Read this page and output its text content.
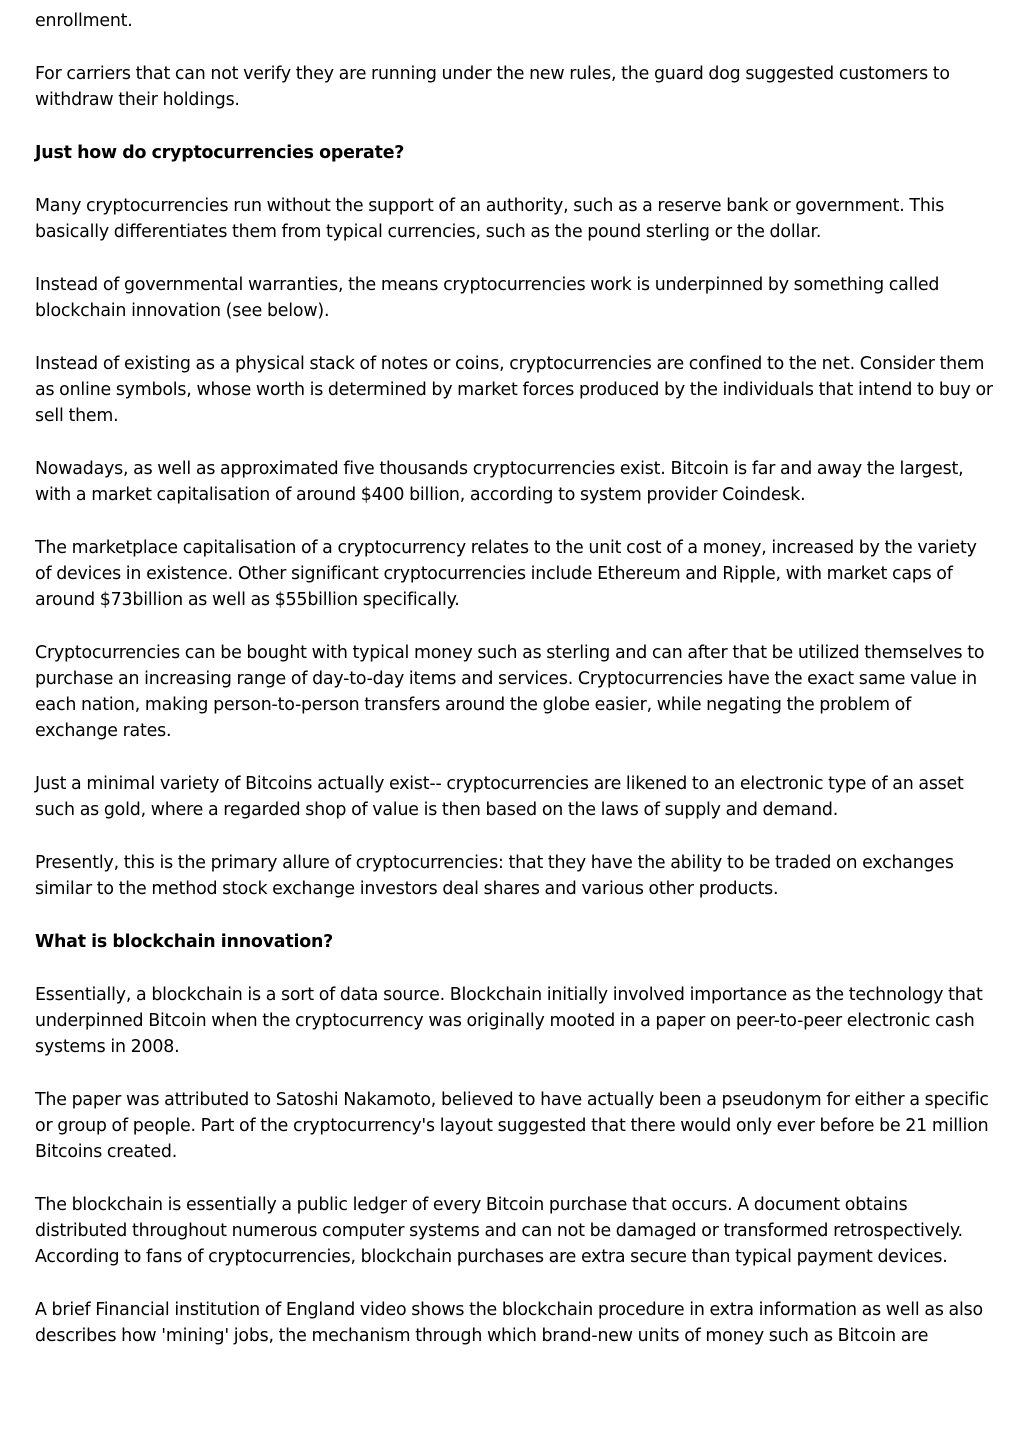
enrollment.

For carriers that can not verify they are running under the new rules, the guard dog suggested customers to withdraw their holdings.

Just how do cryptocurrencies operate?

Many cryptocurrencies run without the support of an authority, such as a reserve bank or government. This basically differentiates them from typical currencies, such as the pound sterling or the dollar.

Instead of governmental warranties, the means cryptocurrencies work is underpinned by something called blockchain innovation (see below).

Instead of existing as a physical stack of notes or coins, cryptocurrencies are confined to the net. Consider them as online symbols, whose worth is determined by market forces produced by the individuals that intend to buy or sell them.

Nowadays, as well as approximated five thousands cryptocurrencies exist. Bitcoin is far and away the largest, with a market capitalisation of around $400 billion, according to system provider Coindesk.

The marketplace capitalisation of a cryptocurrency relates to the unit cost of a money, increased by the variety of devices in existence. Other significant cryptocurrencies include Ethereum and Ripple, with market caps of around $73billion as well as $55billion specifically.

Cryptocurrencies can be bought with typical money such as sterling and can after that be utilized themselves to purchase an increasing range of day-to-day items and services. Cryptocurrencies have the exact same value in each nation, making person-to-person transfers around the globe easier, while negating the problem of exchange rates.

Just a minimal variety of Bitcoins actually exist-- cryptocurrencies are likened to an electronic type of an asset such as gold, where a regarded shop of value is then based on the laws of supply and demand.

Presently, this is the primary allure of cryptocurrencies: that they have the ability to be traded on exchanges similar to the method stock exchange investors deal shares and various other products.

What is blockchain innovation?

Essentially, a blockchain is a sort of data source. Blockchain initially involved importance as the technology that underpinned Bitcoin when the cryptocurrency was originally mooted in a paper on peer-to-peer electronic cash systems in 2008.

The paper was attributed to Satoshi Nakamoto, believed to have actually been a pseudonym for either a specific or group of people. Part of the cryptocurrency's layout suggested that there would only ever before be 21 million Bitcoins created.

The blockchain is essentially a public ledger of every Bitcoin purchase that occurs. A document obtains distributed throughout numerous computer systems and can not be damaged or transformed retrospectively. According to fans of cryptocurrencies, blockchain purchases are extra secure than typical payment devices.

A brief Financial institution of England video shows the blockchain procedure in extra information as well as also describes how 'mining' jobs, the mechanism through which brand-new units of money such as Bitcoin are
